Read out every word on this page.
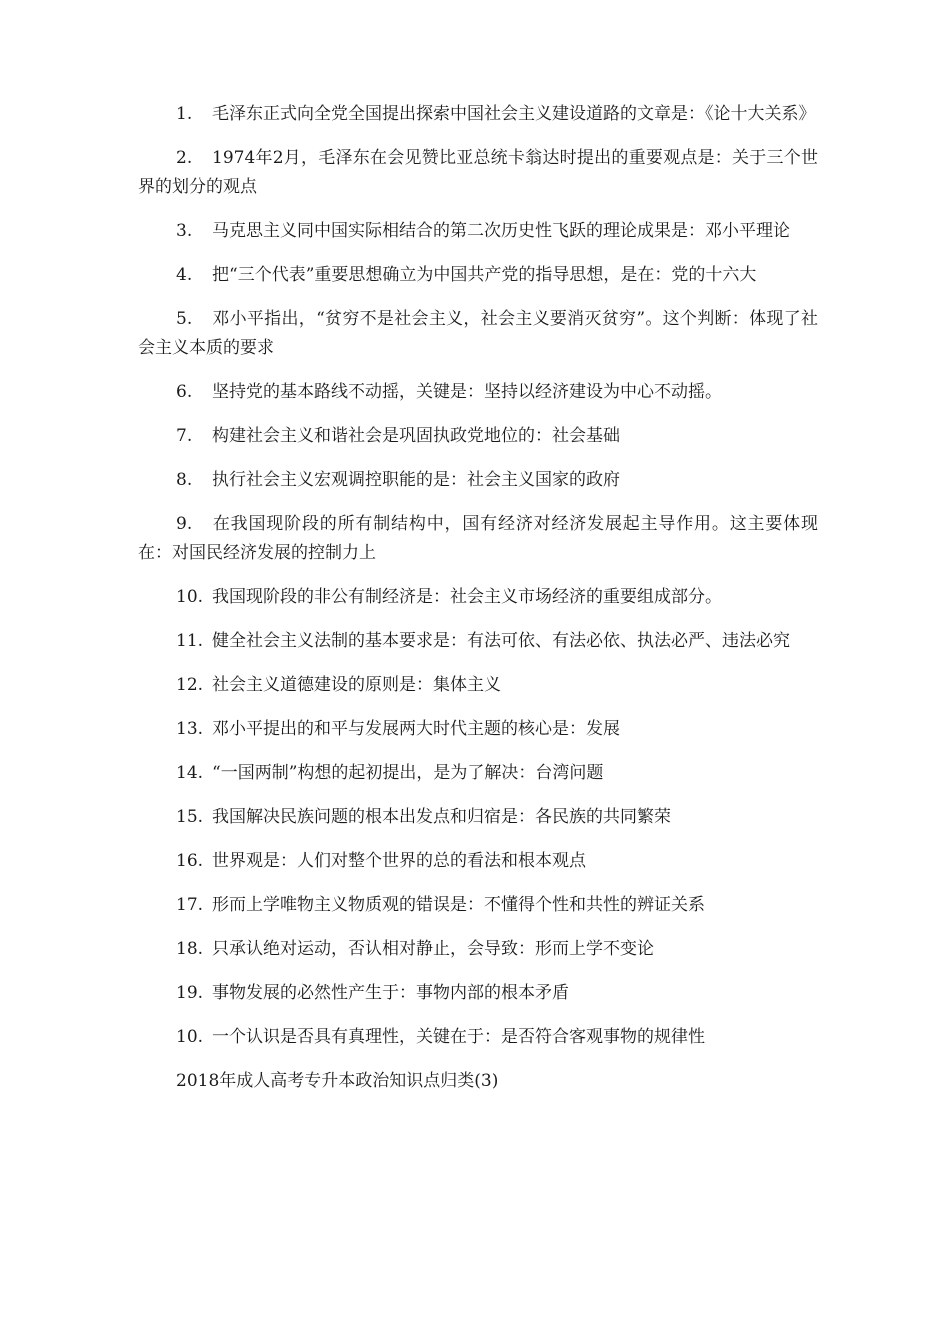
1. 毛泽东正式向全党全国提出探索中国社会主义建设道路的文章是：《论十大关系》

2. 1974年2月，毛泽东在会见赞比亚总统卡翁达时提出的重要观点是：关于三个世界的划分的观点

3. 马克思主义同中国实际相结合的第二次历史性飞跃的理论成果是：邓小平理论

4. 把“三个代表”重要思想确立为中国共产党的指导思想，是在：党的十六大

5. 邓小平指出，“贫穷不是社会主义，社会主义要消灭贫穷”。这个判断：体现了社会主义本质的要求

6. 坚持党的基本路线不动摇，关键是：坚持以经济建设为中心不动摇。

7. 构建社会主义和谐社会是巩固执政党地位的：社会基础

8. 执行社会主义宏观调控职能的是：社会主义国家的政府

9. 在我国现阶段的所有制结构中，国有经济对经济发展起主导作用。这主要体现在：对国民经济发展的控制力上

10. 我国现阶段的非公有制经济是：社会主义市场经济的重要组成部分。

11. 健全社会主义法制的基本要求是：有法可依、有法必依、执法必严、违法必究

12. 社会主义道德建设的原则是：集体主义

13. 邓小平提出的和平与发展两大时代主题的核心是：发展

14. “一国两制”构想的起初提出，是为了解决：台湾问题

15. 我国解决民族问题的根本出发点和归宿是：各民族的共同繁荣

16. 世界观是：人们对整个世界的总的看法和根本观点

17. 形而上学唯物主义物质观的错误是：不懂得个性和共性的辨证关系

18. 只承认绝对运动，否认相对静止，会导致：形而上学不变论

19. 事物发展的必然性产生于：事物内部的根本矛盾

10. 一个认识是否具有真理性，关键在于：是否符合客观事物的规律性

2018年成人高考专升本政治知识点归类(3)
